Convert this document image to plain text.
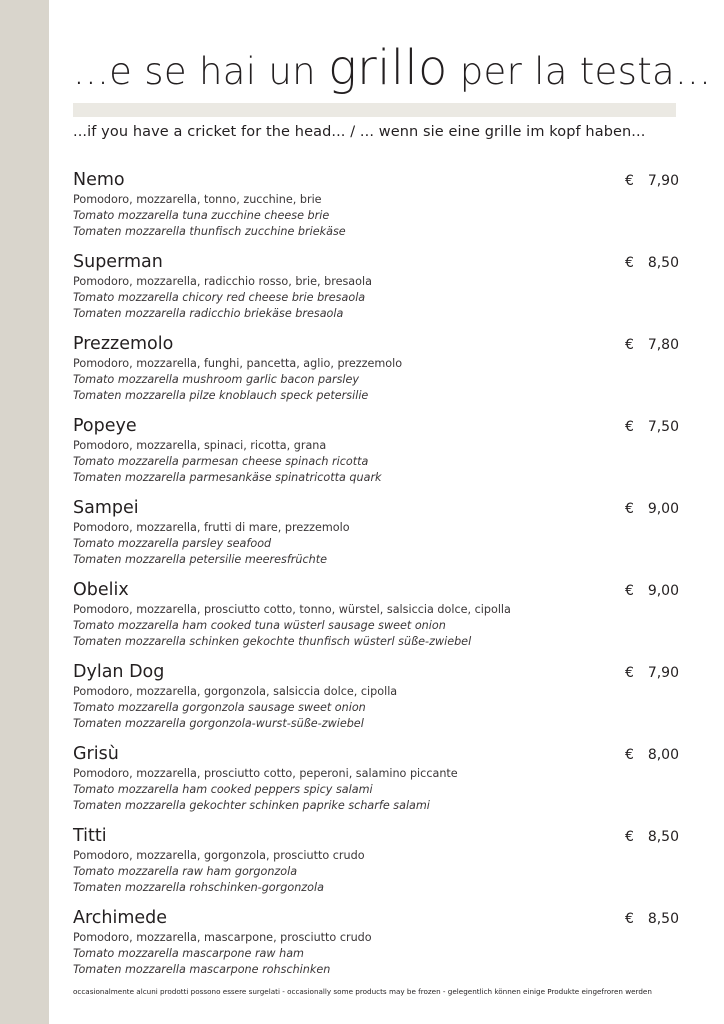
...e se hai un grillo per la testa...
...if you have a cricket for the head... / ... wenn sie eine grille im kopf haben...
Nemo	€ 7,90
Pomodoro, mozzarella, tonno, zucchine, brie
Tomato mozzarella tuna zucchine cheese brie
Tomaten mozzarella thunfisch zucchine briekäse
Superman	€ 8,50
Pomodoro, mozzarella, radicchio rosso, brie, bresaola
Tomato mozzarella chicory red cheese brie bresaola
Tomaten mozzarella radicchio briekäse bresaola
Prezzemolo	€ 7,80
Pomodoro, mozzarella, funghi, pancetta, aglio, prezzemolo
Tomato mozzarella mushroom garlic bacon parsley
Tomaten mozzarella pilze knoblauch speck petersilie
Popeye	€ 7,50
Pomodoro, mozzarella, spinaci, ricotta, grana
Tomato mozzarella parmesan cheese spinach ricotta
Tomaten mozzarella parmesankäse spinatricotta quark
Sampei	€ 9,00
Pomodoro, mozzarella, frutti di mare, prezzemolo
Tomato mozzarella parsley seafood
Tomaten mozzarella petersilie meeresfrüchte
Obelix	€ 9,00
Pomodoro, mozzarella, prosciutto cotto, tonno, würstel, salsiccia dolce, cipolla
Tomato mozzarella ham cooked tuna wüsterl sausage sweet onion
Tomaten mozzarella schinken gekochte thunfisch wüsterl süße-zwiebel
Dylan Dog	€ 7,90
Pomodoro, mozzarella, gorgonzola, salsiccia dolce, cipolla
Tomato mozzarella gorgonzola sausage sweet onion
Tomaten mozzarella gorgonzola-wurst-süße-zwiebel
Grisù	€ 8,00
Pomodoro, mozzarella, prosciutto cotto, peperoni, salamino piccante
Tomato mozzarella ham cooked peppers spicy salami
Tomaten mozzarella gekochter schinken paprike scharfe salami
Titti	€ 8,50
Pomodoro, mozzarella, gorgonzola, prosciutto crudo
Tomato mozzarella raw ham gorgonzola
Tomaten mozzarella rohschinken-gorgonzola
Archimede	€ 8,50
Pomodoro, mozzarella, mascarpone, prosciutto crudo
Tomato mozzarella mascarpone raw ham
Tomaten mozzarella mascarpone rohschinken
occasionalmente alcuni prodotti possono essere surgelati - occasionally some products may be frozen - gelegentlich können einige Produkte eingefroren werden
